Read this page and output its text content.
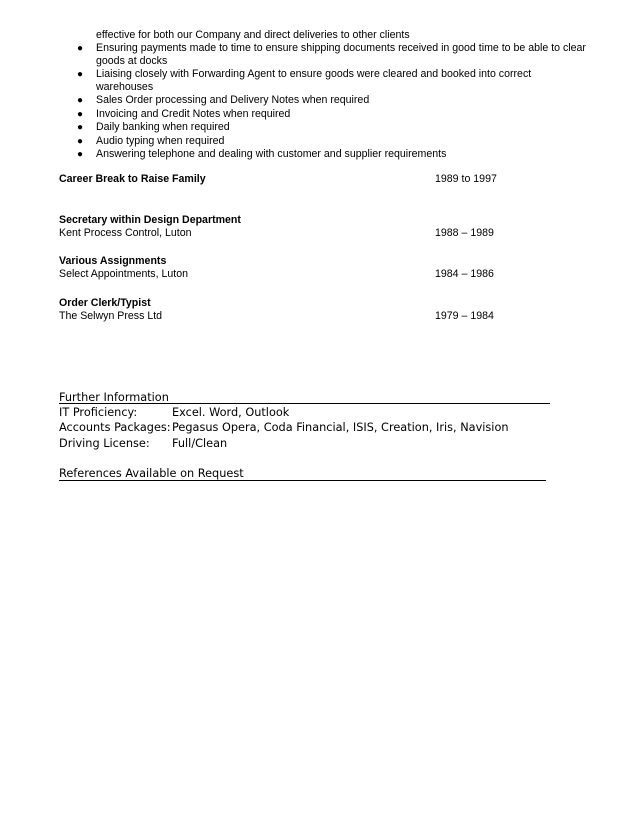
effective for both our Company and direct deliveries to other clients
● Ensuring payments made to time to ensure shipping documents received in good time to be able to clear
goods at docks
● Liaising closely with Forwarding Agent to ensure goods were cleared and booked into correct
warehouses
● Sales Order processing and Delivery Notes when required
● Invoicing and Credit Notes when required
● Daily banking when required
● Audio typing when required
● Answering telephone and dealing with customer and supplier requirements
Career Break to Raise Family	1989 to 1997
Secretary within Design Department
Kent Process Control, Luton	1988 – 1989
Various Assignments
Select Appointments, Luton	1984 – 1986
Order Clerk/Typist
The Selwyn Press Ltd	1979 – 1984
Further Information
IT Proficiency:	Excel. Word, Outlook
Accounts Packages: Pegasus Opera, Coda Financial, ISIS, Creation, Iris, Navision
Driving License: Full/Clean
References Available on Request
